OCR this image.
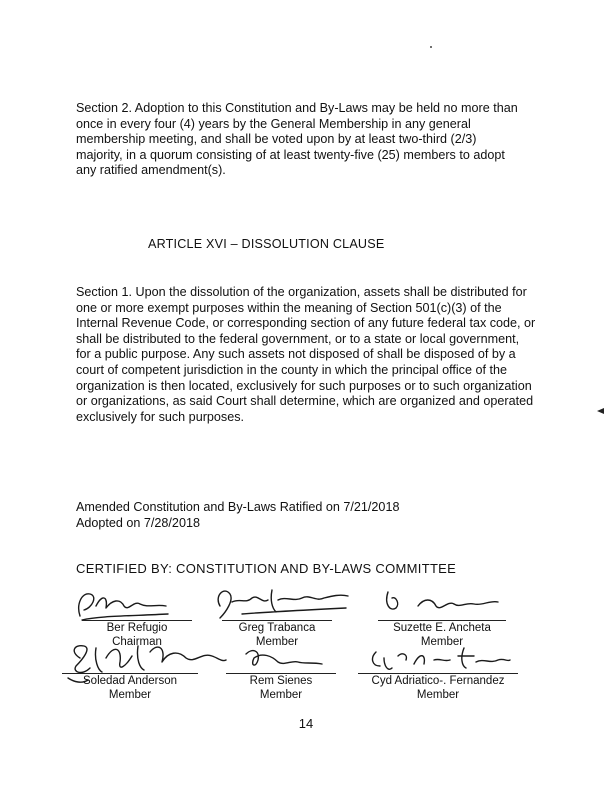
Section 2. Adoption to this Constitution and By-Laws may be held no more than once in every four (4) years by the General Membership in any general membership meeting, and shall be voted upon by at least two-third (2/3) majority, in a quorum consisting of at least twenty-five (25) members to adopt any ratified amendment(s).
ARTICLE XVI – DISSOLUTION CLAUSE
Section 1. Upon the dissolution of the organization, assets shall be distributed for one or more exempt purposes within the meaning of Section 501(c)(3) of the Internal Revenue Code, or corresponding section of any future federal tax code, or shall be distributed to the federal government, or to a state or local government, for a public purpose. Any such assets not disposed of shall be disposed of by a court of competent jurisdiction in the county in which the principal office of the organization is then located, exclusively for such purposes or to such organization or organizations, as said Court shall determine, which are organized and operated exclusively for such purposes.
Amended Constitution and By-Laws Ratified on 7/21/2018
Adopted on 7/28/2018
CERTIFIED BY: CONSTITUTION AND BY-LAWS COMMITTEE
Ber Refugio
Chairman
Greg Trabanca
Member
Suzette E. Ancheta
Member
Soledad Anderson
Member
Rem Sienes
Member
Cyd Adriatico-. Fernandez
Member
14
